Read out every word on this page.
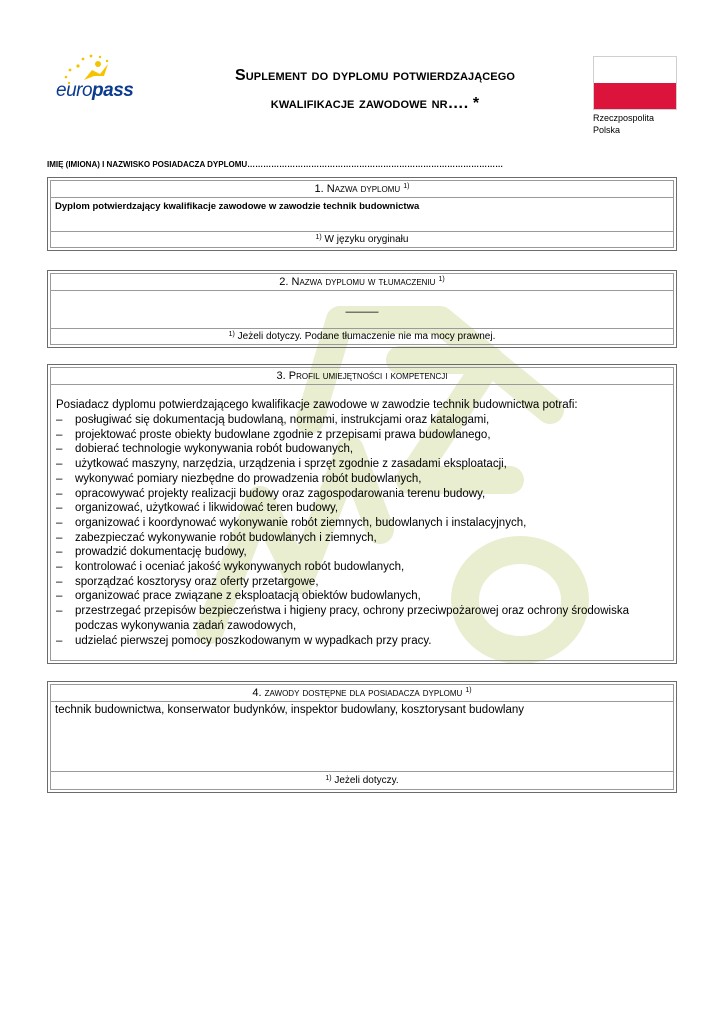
europass
Suplement do dyplomu potwierdzającego
kwalifikacje zawodowe nr…. *
Rzeczpospolita
Polska
IMIĘ (IMIONA) I NAZWISKO POSIADACZA DYPLOMU……………………………………………………………………………………
1. Nazwa dyplomu $^{1)}$
Dyplom potwierdzający kwalifikacje zawodowe w zawodzie technik budownictwa
$^{1)}$ W języku oryginału
2. Nazwa dyplomu w tłumaczeniu $^{1)}$
———
$^{1)}$ Jeżeli dotyczy. Podane tłumaczenie nie ma mocy prawnej.
3. Profil umiejętności i kompetencji
Posiadacz dyplomu potwierdzającego kwalifikacje zawodowe w zawodzie technik budownictwa potrafi:
– posługiwać się dokumentacją budowlaną, normami, instrukcjami oraz katalogami,
– projektować proste obiekty budowlane zgodnie z przepisami prawa budowlanego,
– dobierać technologie wykonywania robót budowanych,
– użytkować maszyny, narzędzia, urządzenia i sprzęt zgodnie z zasadami eksploatacji,
– wykonywać pomiary niezbędne do prowadzenia robót budowlanych,
– opracowywać projekty realizacji budowy oraz zagospodarowania terenu budowy,
– organizować, użytkować i likwidować teren budowy,
– organizować i koordynować wykonywanie robót ziemnych, budowlanych i instalacyjnych,
– zabezpieczać wykonywanie robót budowlanych i ziemnych,
– prowadzić dokumentację budowy,
– kontrolować i oceniać jakość wykonywanych robót budowlanych,
– sporządzać kosztorysy oraz oferty przetargowe,
– organizować prace związane z eksploatacją obiektów budowlanych,
– przestrzegać przepisów bezpieczeństwa i higieny pracy, ochrony przeciwpożarowej oraz ochrony środowiska podczas wykonywania zadań zawodowych,
– udzielać pierwszej pomocy poszkodowanym w wypadkach przy pracy.
4. zawody dostępne dla posiadacza dyplomu $^{1)}$
technik budownictwa, konserwator budynków, inspektor budowlany, kosztorysant budowlany
$^{1)}$ Jeżeli dotyczy.
